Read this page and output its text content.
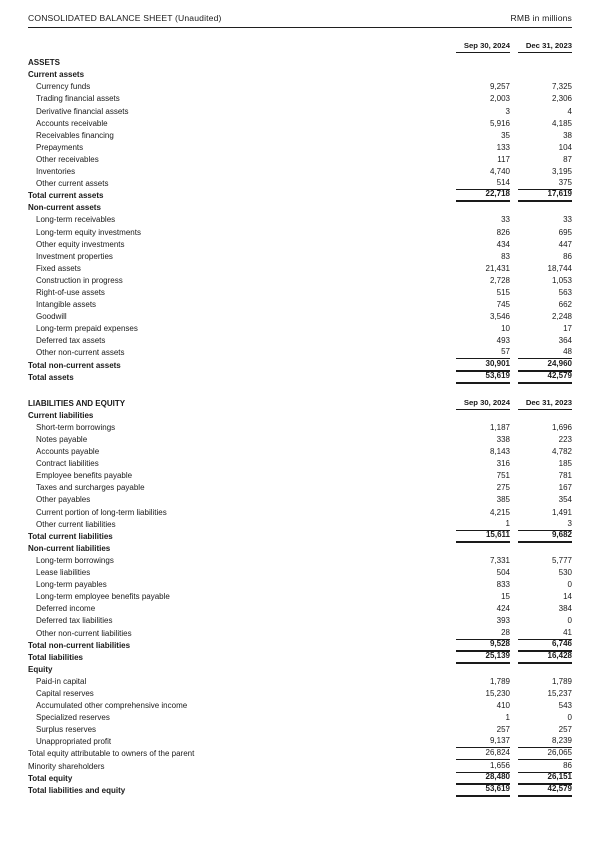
CONSOLIDATED BALANCE SHEET (Unaudited)	RMB in millions
Sep 30, 2024	Dec 31, 2023
ASSETS
Current assets
Currency funds	9,257	7,325
Trading financial assets	2,003	2,306
Derivative financial assets	3	4
Accounts receivable	5,916	4,185
Receivables financing	35	38
Prepayments	133	104
Other receivables	117	87
Inventories	4,740	3,195
Other current assets	514	375
Total current assets	22,718	17,619
Non-current assets
Long-term receivables	33	33
Long-term equity investments	826	695
Other equity investments	434	447
Investment properties	83	86
Fixed assets	21,431	18,744
Construction in progress	2,728	1,053
Right-of-use assets	515	563
Intangible assets	745	662
Goodwill	3,546	2,248
Long-term prepaid expenses	10	17
Deferred tax assets	493	364
Other non-current assets	57	48
Total non-current assets	30,901	24,960
Total assets	53,619	42,579
LIABILITIES AND EQUITY	Sep 30, 2024	Dec 31, 2023
Current liabilities
Short-term borrowings	1,187	1,696
Notes payable	338	223
Accounts payable	8,143	4,782
Contract liabilities	316	185
Employee benefits payable	751	781
Taxes and surcharges payable	275	167
Other payables	385	354
Current portion of long-term liabilities	4,215	1,491
Other current liabilities	1	3
Total current liabilities	15,611	9,682
Non-current liabilities
Long-term borrowings	7,331	5,777
Lease liabilities	504	530
Long-term payables	833	0
Long-term employee benefits payable	15	14
Deferred income	424	384
Deferred tax liabilities	393	0
Other non-current liabilities	28	41
Total non-current liabilities	9,528	6,746
Total liabilities	25,139	16,428
Equity
Paid-in capital	1,789	1,789
Capital reserves	15,230	15,237
Accumulated other comprehensive income	410	543
Specialized reserves	1	0
Surplus reserves	257	257
Unappropriated profit	9,137	8,239
Total equity attributable to owners of the parent	26,824	26,065
Minority shareholders	1,656	86
Total equity	28,480	26,151
Total liabilities and equity	53,619	42,579
